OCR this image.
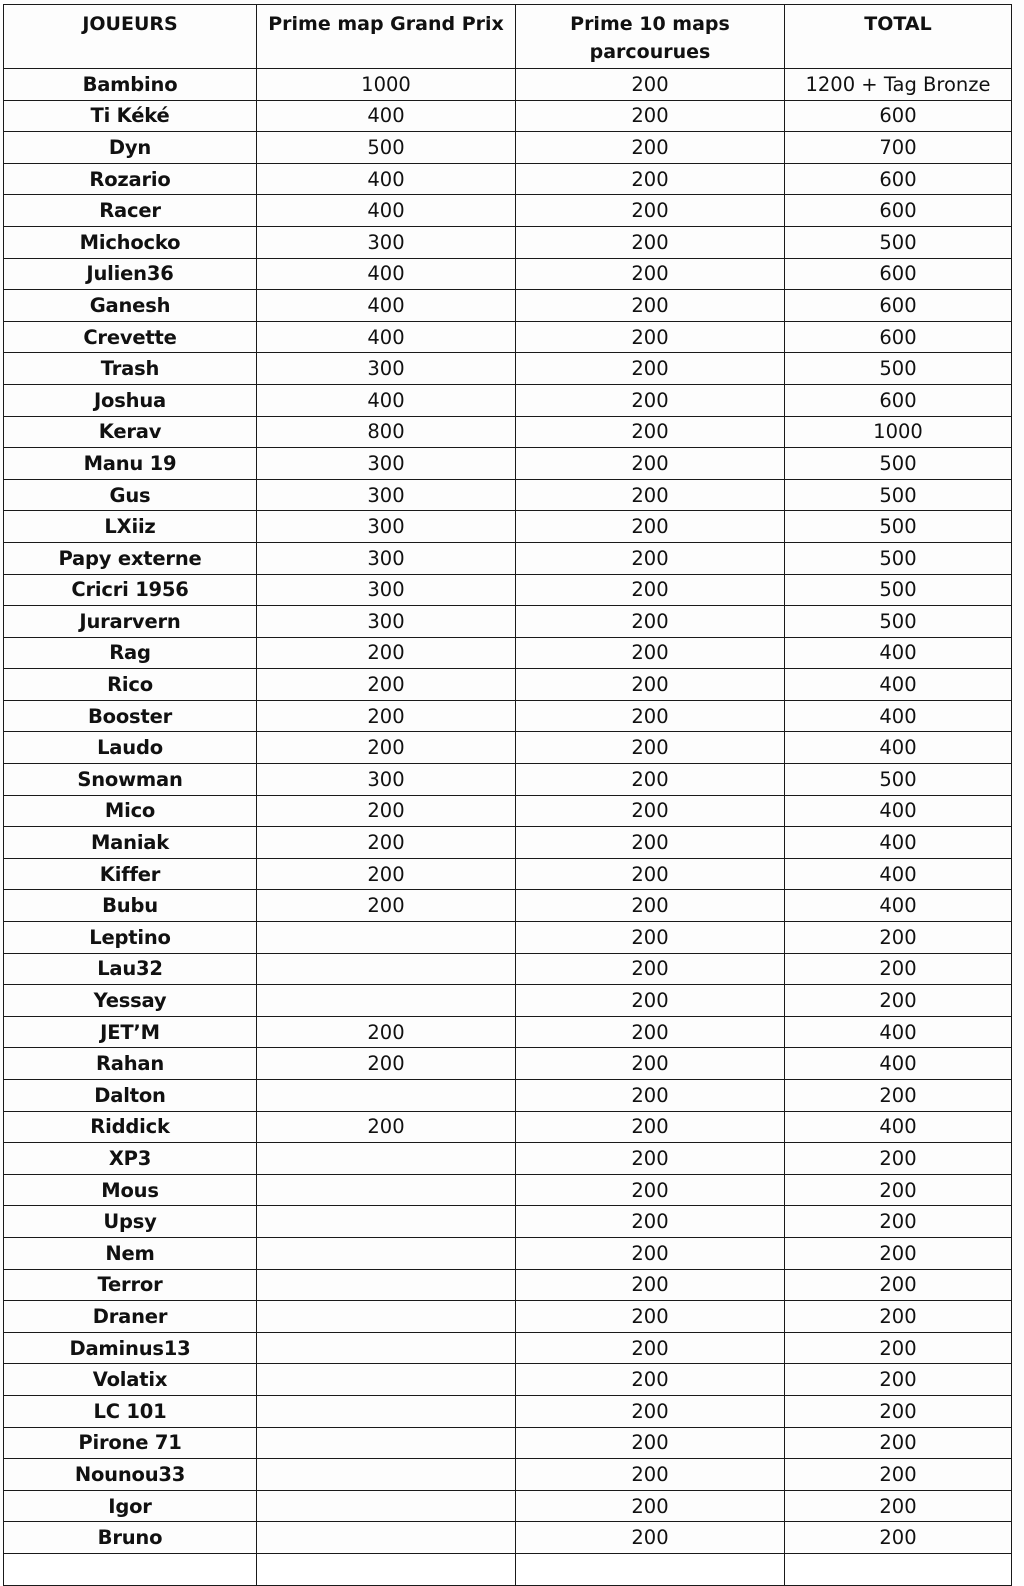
JOUEURS	Prime map Grand Prix	Prime 10 maps parcourues	TOTAL
Bambino	1000	200	1200 + Tag Bronze
Ti Kéké	400	200	600
Dyn	500	200	700
Rozario	400	200	600
Racer	400	200	600
Michocko	300	200	500
Julien36	400	200	600
Ganesh	400	200	600
Crevette	400	200	600
Trash	300	200	500
Joshua	400	200	600
Kerav	800	200	1000
Manu 19	300	200	500
Gus	300	200	500
LXiiz	300	200	500
Papy externe	300	200	500
Cricri 1956	300	200	500
Jurarvern	300	200	500
Rag	200	200	400
Rico	200	200	400
Booster	200	200	400
Laudo	200	200	400
Snowman	300	200	500
Mico	200	200	400
Maniak	200	200	400
Kiffer	200	200	400
Bubu	200	200	400
Leptino		200	200
Lau32		200	200
Yessay		200	200
JET’M	200	200	400
Rahan	200	200	400
Dalton		200	200
Riddick	200	200	400
XP3		200	200
Mous		200	200
Upsy		200	200
Nem		200	200
Terror		200	200
Draner		200	200
Daminus13		200	200
Volatix		200	200
LC 101		200	200
Pirone 71		200	200
Nounou33		200	200
Igor		200	200
Bruno		200	200
